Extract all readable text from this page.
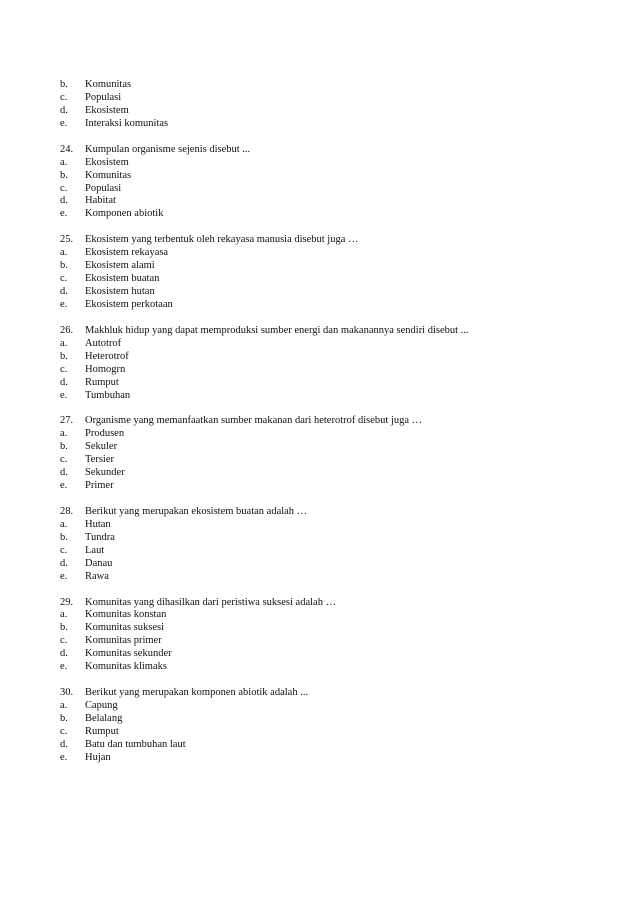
b.	Komunitas
c.	Populasi
d.	Ekosistem
e.	Interaksi komunitas
24.	Kumpulan organisme sejenis disebut ...
a.	Ekosistem
b.	Komunitas
c.	Populasi
d.	Habitat
e.	Komponen abiotik
25.	Ekosistem yang terbentuk oleh rekayasa manusia disebut juga …
a.	Ekosistem rekayasa
b.	Ekosistem alami
c.	Ekosistem buatan
d.	Ekosistem hutan
e.	Ekosistem perkotaan
26.	Makhluk hidup yang dapat memproduksi sumber energi dan makanannya sendiri disebut ...
a.	Autotrof
b.	Heterotrof
c.	Homogrn
d.	Rumput
e.	Tumbuhan
27.	Organisme yang memanfaatkan sumber makanan dari heterotrof disebut juga …
a.	Produsen
b.	Sekuler
c.	Tersier
d.	Sekunder
e.	Primer
28.	Berikut yang merupakan ekosistem buatan adalah …
a.	Hutan
b.	Tundra
c.	Laut
d.	Danau
e.	Rawa
29.	Komunitas yang dihasilkan dari peristiwa suksesi adalah …
a.	Komunitas konstan
b.	Komunitas suksesi
c.	Komunitas primer
d.	Komunitas sekunder
e.	Komunitas klimaks
30.	Berikut yang merupakan komponen abiotik adalah ...
a.	Capung
b.	Belalang
c.	Rumput
d.	Batu dan tumbuhan laut
e.	Hujan
